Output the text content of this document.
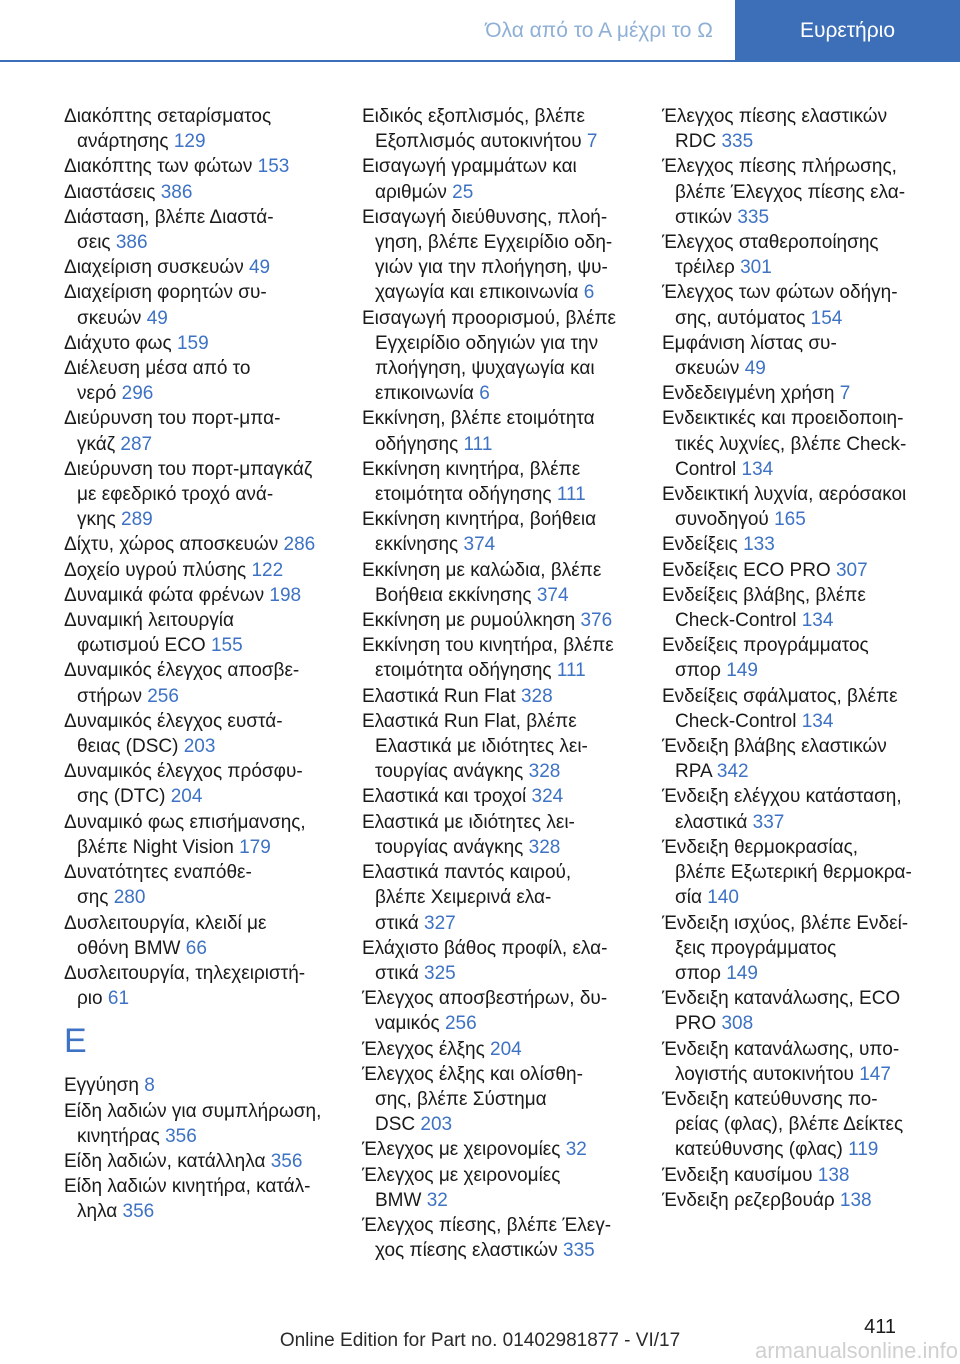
Όλα από το Α μέχρι το Ω	Ευρετήριο
Διακόπτης σεταρίσματος
ανάρτησης 129
Διακόπτης των φώτων 153
Διαστάσεις 386
Διάσταση, βλέπε Διαστά-
σεις 386
Διαχείριση συσκευών 49
Διαχείριση φορητών συ-
σκευών 49
Διάχυτο φως 159
Διέλευση μέσα από το
νερό 296
Διεύρυνση του πορτ-μπα-
γκάζ 287
Διεύρυνση του πορτ-μπαγκάζ
με εφεδρικό τροχό ανά-
γκης 289
Δίχτυ, χώρος αποσκευών 286
Δοχείο υγρού πλύσης 122
Δυναμικά φώτα φρένων 198
Δυναμική λειτουργία
φωτισμού ECO 155
Δυναμικός έλεγχος αποσβε-
στήρων 256
Δυναμικός έλεγχος ευστά-
θειας (DSC) 203
Δυναμικός έλεγχος πρόσφυ-
σης (DTC) 204
Δυναμικό φως επισήμανσης,
βλέπε Night Vision 179
Δυνατότητες εναπόθε-
σης 280
Δυσλειτουργία, κλειδί με
οθόνη BMW 66
Δυσλειτουργία, τηλεχειριστή-
ριο 61
Ε
Εγγύηση 8
Είδη λαδιών για συμπλήρωση,
κινητήρας 356
Είδη λαδιών, κατάλληλα 356
Είδη λαδιών κινητήρα, κατάλ-
ληλα 356
Ειδικός εξοπλισμός, βλέπε
Εξοπλισμός αυτοκινήτου 7
Εισαγωγή γραμμάτων και
αριθμών 25
Εισαγωγή διεύθυνσης, πλοή-
γηση, βλέπε Εγχειρίδιο οδη-
γιών για την πλοήγηση, ψυ-
χαγωγία και επικοινωνία 6
Εισαγωγή προορισμού, βλέπε
Εγχειρίδιο οδηγιών για την
πλοήγηση, ψυχαγωγία και
επικοινωνία 6
Εκκίνηση, βλέπε ετοιμότητα
οδήγησης 111
Εκκίνηση κινητήρα, βλέπε
ετοιμότητα οδήγησης 111
Εκκίνηση κινητήρα, βοήθεια
εκκίνησης 374
Εκκίνηση με καλώδια, βλέπε
Βοήθεια εκκίνησης 374
Εκκίνηση με ρυμούλκηση 376
Εκκίνηση του κινητήρα, βλέπε
ετοιμότητα οδήγησης 111
Ελαστικά Run Flat 328
Ελαστικά Run Flat, βλέπε
Ελαστικά με ιδιότητες λει-
τουργίας ανάγκης 328
Ελαστικά και τροχοί 324
Ελαστικά με ιδιότητες λει-
τουργίας ανάγκης 328
Ελαστικά παντός καιρού,
βλέπε Χειμερινά ελα-
στικά 327
Ελάχιστο βάθος προφίλ, ελα-
στικά 325
Έλεγχος αποσβεστήρων, δυ-
ναμικός 256
Έλεγχος έλξης 204
Έλεγχος έλξης και ολίσθη-
σης, βλέπε Σύστημα
DSC 203
Έλεγχος με χειρονομίες 32
Έλεγχος με χειρονομίες
BMW 32
Έλεγχος πίεσης, βλέπε Έλεγ-
χος πίεσης ελαστικών 335
Έλεγχος πίεσης ελαστικών
RDC 335
Έλεγχος πίεσης πλήρωσης,
βλέπε Έλεγχος πίεσης ελα-
στικών 335
Έλεγχος σταθεροποίησης
τρέιλερ 301
Έλεγχος των φώτων οδήγη-
σης, αυτόματος 154
Εμφάνιση λίστας συ-
σκευών 49
Ενδεδειγμένη χρήση 7
Ενδεικτικές και προειδοποιη-
τικές λυχνίες, βλέπε Check-
Control 134
Ενδεικτική λυχνία, αερόσακοι
συνοδηγού 165
Ενδείξεις 133
Ενδείξεις ECO PRO 307
Ενδείξεις βλάβης, βλέπε
Check-Control 134
Ενδείξεις προγράμματος
σπορ 149
Ενδείξεις σφάλματος, βλέπε
Check-Control 134
Ένδειξη βλάβης ελαστικών
RPA 342
Ένδειξη ελέγχου κατάσταση,
ελαστικά 337
Ένδειξη θερμοκρασίας,
βλέπε Εξωτερική θερμοκρα-
σία 140
Ένδειξη ισχύος, βλέπε Ενδεί-
ξεις προγράμματος
σπορ 149
Ένδειξη κατανάλωσης, ECO
PRO 308
Ένδειξη κατανάλωσης, υπο-
λογιστής αυτοκινήτου 147
Ένδειξη κατεύθυνσης πο-
ρείας (φλας), βλέπε Δείκτες
κατεύθυνσης (φλας) 119
Ένδειξη καυσίμου 138
Ένδειξη ρεζερβουάρ 138
411
Online Edition for Part no. 01402981877 - VI/17	armanualsonline.info
